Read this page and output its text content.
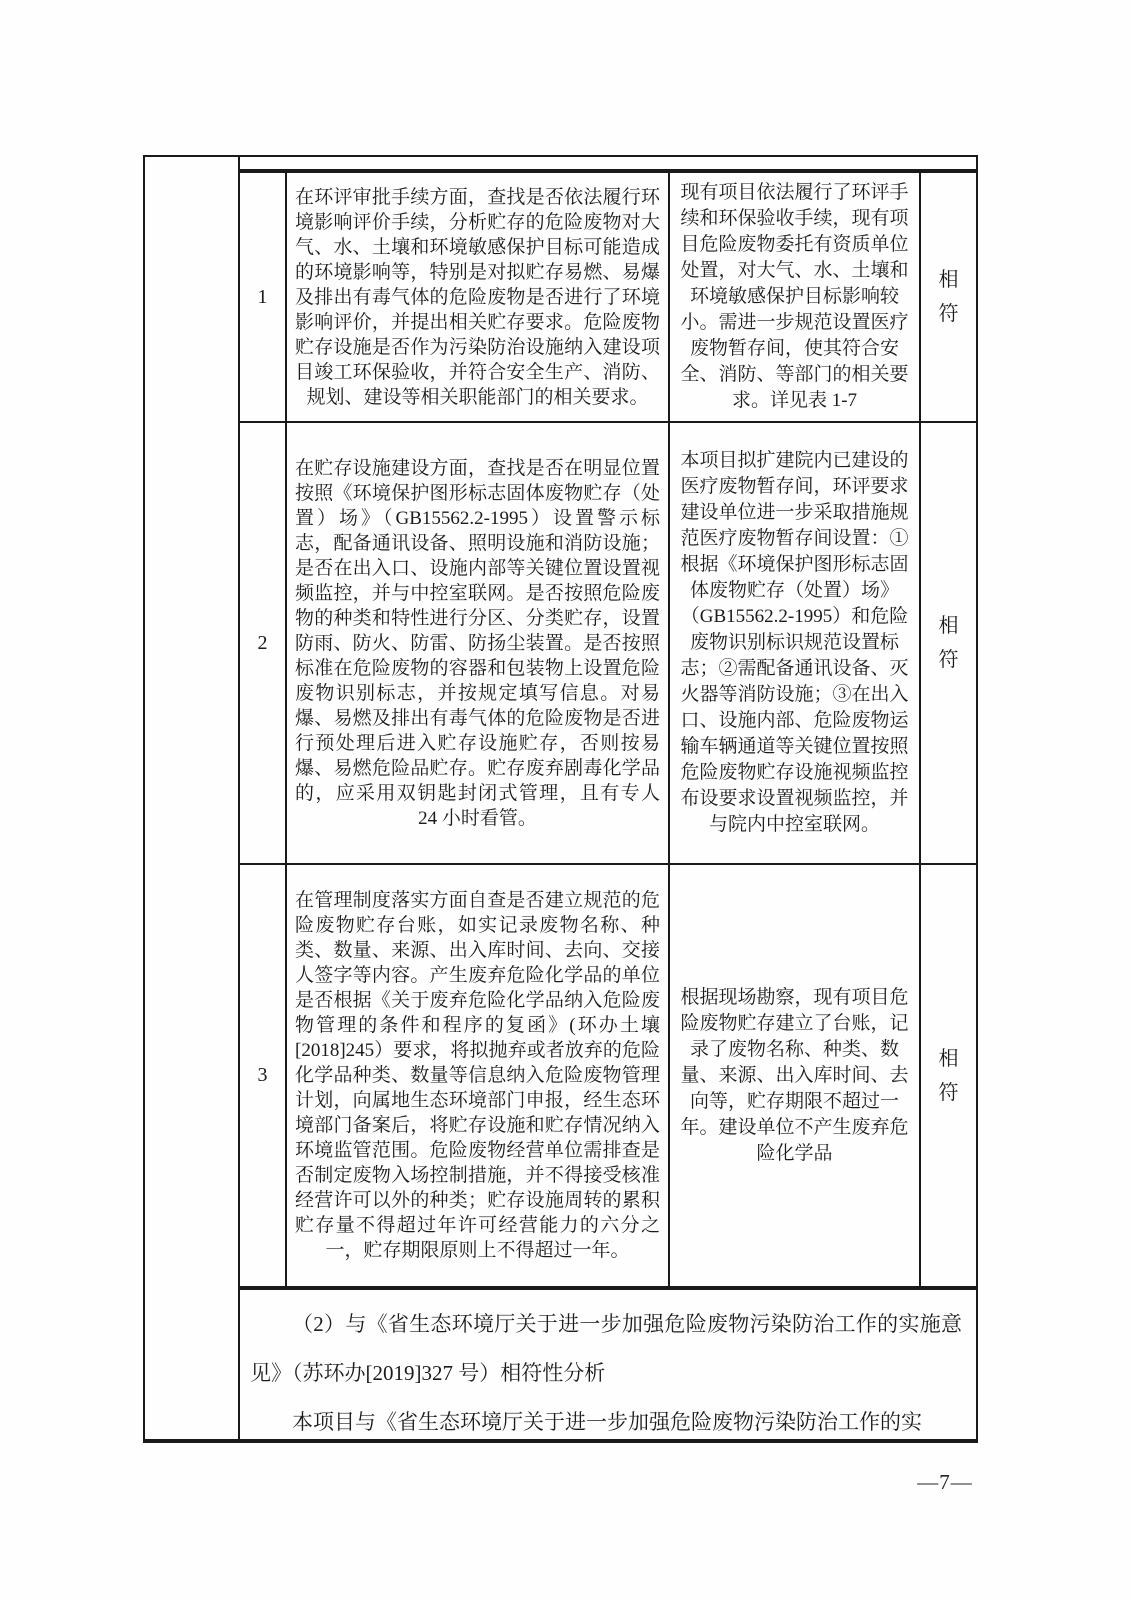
1
在环评审批手续方面，查找是否依法履行环境影响评价手续，分析贮存的危险废物对大气、水、土壤和环境敏感保护目标可能造成的环境影响等，特别是对拟贮存易燃、易爆及排出有毒气体的危险废物是否进行了环境影响评价，并提出相关贮存要求。危险废物贮存设施是否作为污染防治设施纳入建设项目竣工环保验收，并符合安全生产、消防、规划、建设等相关职能部门的相关要求。
现有项目依法履行了环评手续和环保验收手续，现有项目危险废物委托有资质单位处置，对大气、水、土壤和环境敏感保护目标影响较小。需进一步规范设置医疗废物暂存间，使其符合安全、消防、等部门的相关要求。详见表 1-7
相符
2
在贮存设施建设方面，查找是否在明显位置按照《环境保护图形标志固体废物贮存（处置）场》（GB15562.2-1995）设置警示标志，配备通讯设备、照明设施和消防设施；是否在出入口、设施内部等关键位置设置视频监控，并与中控室联网。是否按照危险废物的种类和特性进行分区、分类贮存，设置防雨、防火、防雷、防扬尘装置。是否按照标准在危险废物的容器和包装物上设置危险废物识别标志，并按规定填写信息。对易爆、易燃及排出有毒气体的危险废物是否进行预处理后进入贮存设施贮存，否则按易爆、易燃危险品贮存。贮存废弃剧毒化学品的，应采用双钥匙封闭式管理，且有专人 24 小时看管。
本项目拟扩建院内已建设的医疗废物暂存间，环评要求建设单位进一步采取措施规范医疗废物暂存间设置：①根据《环境保护图形标志固体废物贮存（处置）场》（GB15562.2-1995）和危险废物识别标识规范设置标志；②需配备通讯设备、灭火器等消防设施；③在出入口、设施内部、危险废物运输车辆通道等关键位置按照危险废物贮存设施视频监控布设要求设置视频监控，并与院内中控室联网。
相符
3
在管理制度落实方面自查是否建立规范的危险废物贮存台账，如实记录废物名称、种类、数量、来源、出入库时间、去向、交接人签字等内容。产生废弃危险化学品的单位是否根据《关于废弃危险化学品纳入危险废物管理的条件和程序的复函》(环办土壤[2018]245）要求，将拟抛弃或者放弃的危险化学品种类、数量等信息纳入危险废物管理计划，向属地生态环境部门申报，经生态环境部门备案后，将贮存设施和贮存情况纳入环境监管范围。危险废物经营单位需排查是否制定废物入场控制措施，并不得接受核准经营许可以外的种类；贮存设施周转的累积贮存量不得超过年许可经营能力的六分之一，贮存期限原则上不得超过一年。
根据现场勘察，现有项目危险废物贮存建立了台账，记录了废物名称、种类、数量、来源、出入库时间、去向等，贮存期限不超过一年。建设单位不产生废弃危险化学品
相符

（2）与《省生态环境厅关于进一步加强危险废物污染防治工作的实施意见》（苏环办[2019]327 号）相符性分析

本项目与《省生态环境厅关于进一步加强危险废物污染防治工作的实

—7—
